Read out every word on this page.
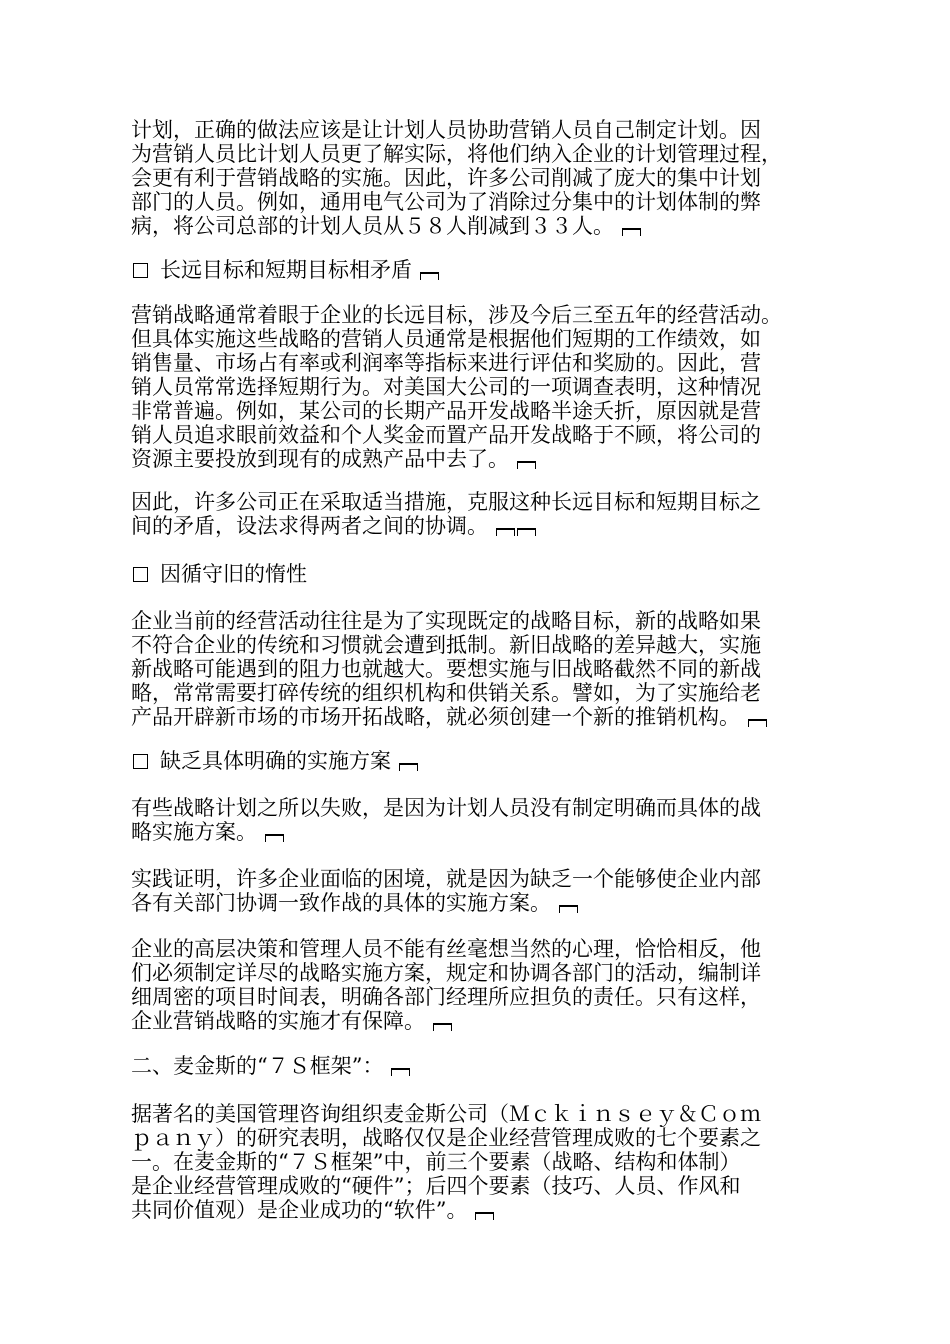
计划，正确的做法应该是让计划人员协助营销人员自己制定计划。因
为营销人员比计划人员更了解实际，将他们纳入企业的计划管理过程，
会更有利于营销战略的实施。因此，许多公司削减了庞大的集中计划
部门的人员。例如，通用电气公司为了消除过分集中的计划体制的弊
病，将公司总部的计划人员从５８人削减到３３人。
长远目标和短期目标相矛盾
营销战略通常着眼于企业的长远目标，涉及今后三至五年的经营活动。
但具体实施这些战略的营销人员通常是根据他们短期的工作绩效，如
销售量、市场占有率或利润率等指标来进行评估和奖励的。因此，营
销人员常常选择短期行为。对美国大公司的一项调查表明，这种情况
非常普遍。例如，某公司的长期产品开发战略半途夭折，原因就是营
销人员追求眼前效益和个人奖金而置产品开发战略于不顾，将公司的
资源主要投放到现有的成熟产品中去了。
因此，许多公司正在采取适当措施，克服这种长远目标和短期目标之
间的矛盾，设法求得两者之间的协调。
因循守旧的惰性
企业当前的经营活动往往是为了实现既定的战略目标，新的战略如果
不符合企业的传统和习惯就会遭到抵制。新旧战略的差异越大，实施
新战略可能遇到的阻力也就越大。要想实施与旧战略截然不同的新战
略，常常需要打碎传统的组织机构和供销关系。譬如，为了实施给老
产品开辟新市场的市场开拓战略，就必须创建一个新的推销机构。
缺乏具体明确的实施方案
有些战略计划之所以失败，是因为计划人员没有制定明确而具体的战
略实施方案。
实践证明，许多企业面临的困境，就是因为缺乏一个能够使企业内部
各有关部门协调一致作战的具体的实施方案。
企业的高层决策和管理人员不能有丝毫想当然的心理，恰恰相反，他
们必须制定详尽的战略实施方案，规定和协调各部门的活动，编制详
细周密的项目时间表，明确各部门经理所应担负的责任。只有这样，
企业营销战略的实施才有保障。
二、麦金斯的“７Ｓ框架”：
据著名的美国管理咨询组织麦金斯公司（Ｍｃｋｉｎｓｅｙ＆Ｃｏｍ
ｐａｎｙ）的研究表明，战略仅仅是企业经营管理成败的七个要素之
一。在麦金斯的“７Ｓ框架”中，前三个要素（战略、结构和体制）
是企业经营管理成败的“硬件”；后四个要素（技巧、人员、作风和
共同价值观）是企业成功的“软件”。
